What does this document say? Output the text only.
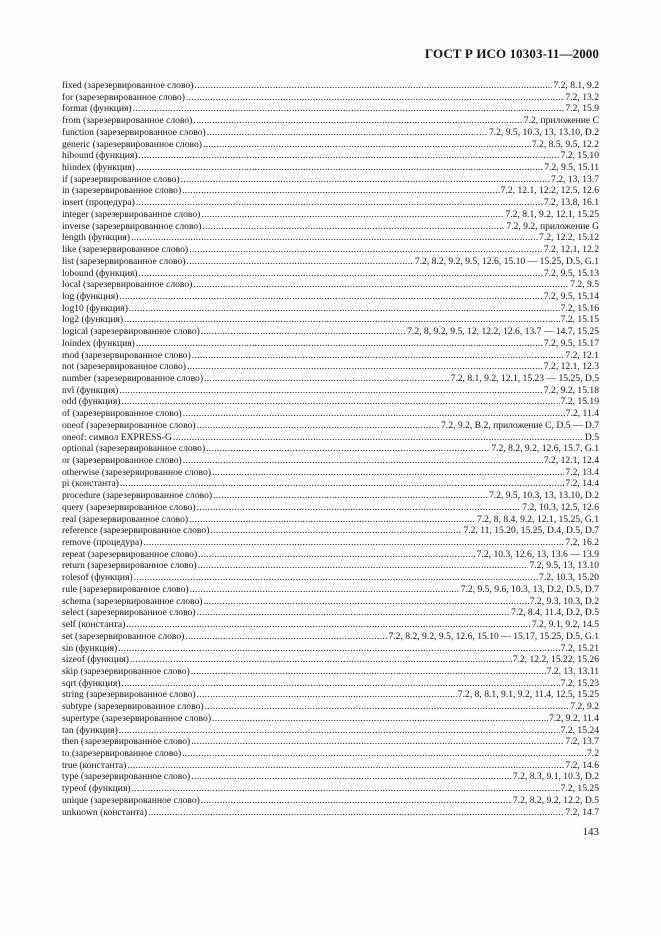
ГОСТ Р ИСО 10303-11—2000
fixed (зарезервированное слово) .....	7.2, 8.1, 9.2
for (зарезервированное слово) .....	7.2, 13.2
format (функция) .....	7.2, 15.9
from (зарезервированное слово) .....	7.2, приложение С
function (зарезервированное слово) .....	7.2, 9.5, 10.3, 13, 13.10, D.2
generic (зарезервированное слово) .....	7.2, 8.5, 9.5, 12.2
hibound (функция) .....	7.2, 15.10
hiindex (функция) .....	7.2, 9.5, 15.11
if (зарезервированное слово) .....	7.2, 13, 13.7
in (зарезервированное слово) .....	7.2, 12.1, 12.2, 12.5, 12.6
insert (процедура) .....	7.2, 13.8, 16.1
integer (зарезервированное слово) .....	7.2, 8.1, 9.2, 12.1, 15.25
inverse (зарезервированное слово) .....	7.2, 9.2, приложение G
length (функция) .....	7.2, 12.2, 15.12
like (зарезервированное слово) .....	7.2, 12.1, 12.2
list (зарезервированное слово) .....	7.2, 8.2, 9.2, 9.5, 12.6, 15.10 — 15.25, D.5, G.1
lobound (функция) .....	7.2, 9.5, 15.13
local (зарезервированное слово) .....	7.2, 9.5
log (функция) .....	7.2, 9.5, 15.14
log10 (функция) .....	7.2, 15.16
log2 (функция) .....	7.2, 15.15
logical (зарезервированное слово) .....	7.2, 8, 9.2, 9.5, 12, 12.2, 12.6, 13.7 — 14.7, 15.25
loindex (функция) .....	7.2, 9.5, 15.17
mod (зарезервированное слово) .....	7.2, 12.1
not (зарезервированное слово) .....	7.2, 12.1, 12.3
number (зарезервированное слово) .....	7.2, 8.1, 9.2, 12.1, 15.23 — 15.25, D.5
nvl (функция) .....	7.2, 9.2, 15.18
odd (функция) .....	7.2, 15.19
of (зарезервированное слово) .....	7.2, 11.4
oneof (зарезервированное слово) .....	7.2, 9.2, B.2, приложение С, D.5 — D.7
oneof: символ EXPRESS-G .....	D.5
optional (зарезервированное слово) .....	7.2, 8.2, 9.2, 12.6, 15.7, G.1
or (зарезервированное слово) .....	7.2, 12.1, 12.4
otherwise (зарезервированное слово) .....	7.2, 13.4
pi (константа) .....	7.2, 14.4
procedure (зарезервированное слово) .....	7.2, 9.5, 10.3, 13, 13.10, D.2
query (зарезервированное слово) .....	7.2, 10.3, 12.5, 12.6
real (зарезервированное слово) .....	7.2, 8, 8.4, 9.2, 12.1, 15.25, G.1
reference (зарезервированное слово) .....	7.2, 11, 15.20, 15.25, D.4, D.5, D.7
remove (процедура) .....	7.2, 16.2
repeat (зарезервированное слово) .....	7.2, 10.3, 12.6, 13, 13.6 — 13.9
return (зарезервированное слово) .....	7.2, 9.5, 13, 13.10
rolesof (функция) .....	7.2, 10.3, 15.20
rule (зарезервированное слово) .....	7.2, 9.5, 9.6, 10.3, 13, D.2, D.5, D.7
schema (зарезервированное слово) .....	7.2, 9.3, 10.3, D.2
select (зарезервированное слово) .....	7.2, 8.4, 11.4, D.2, D.5
self (константа) .....	7.2, 9.1, 9.2, 14.5
set (зарезервированное слово) .....	7.2, 8.2, 9.2, 9.5, 12.6, 15.10 — 15.17, 15.25, D.5, G.1
sin (функция) .....	7.2, 15.21
sizeof (функция) .....	7.2, 12.2, 15.22, 15.26
skip (зарезервированное слово) .....	7.2, 13, 13.11
sqrt (функция) .....	7.2, 15.23
string (зарезервированное слово) .....	7.2, 8, 8.1, 9.1, 9.2, 11.4, 12.5, 15.25
subtype (зарезервированное слово) .....	7.2, 9.2
supertype (зарезервированное слово) .....	7.2, 9.2, 11.4
tan (функция) .....	7.2, 15.24
then (зарезервированное слово) .....	7.2, 13.7
to (зарезервированное слово) .....	7.2
true (константа) .....	7.2, 14.6
type (зарезервированное слово) .....	7.2, 8.3, 9.1, 10.3, D.2
typeof (функция) .....	7.2, 15.25
unique (зарезервированное слово) .....	7.2, 8.2, 9.2, 12.2, D.5
unknown (константа) .....	7.2, 14.7
143
